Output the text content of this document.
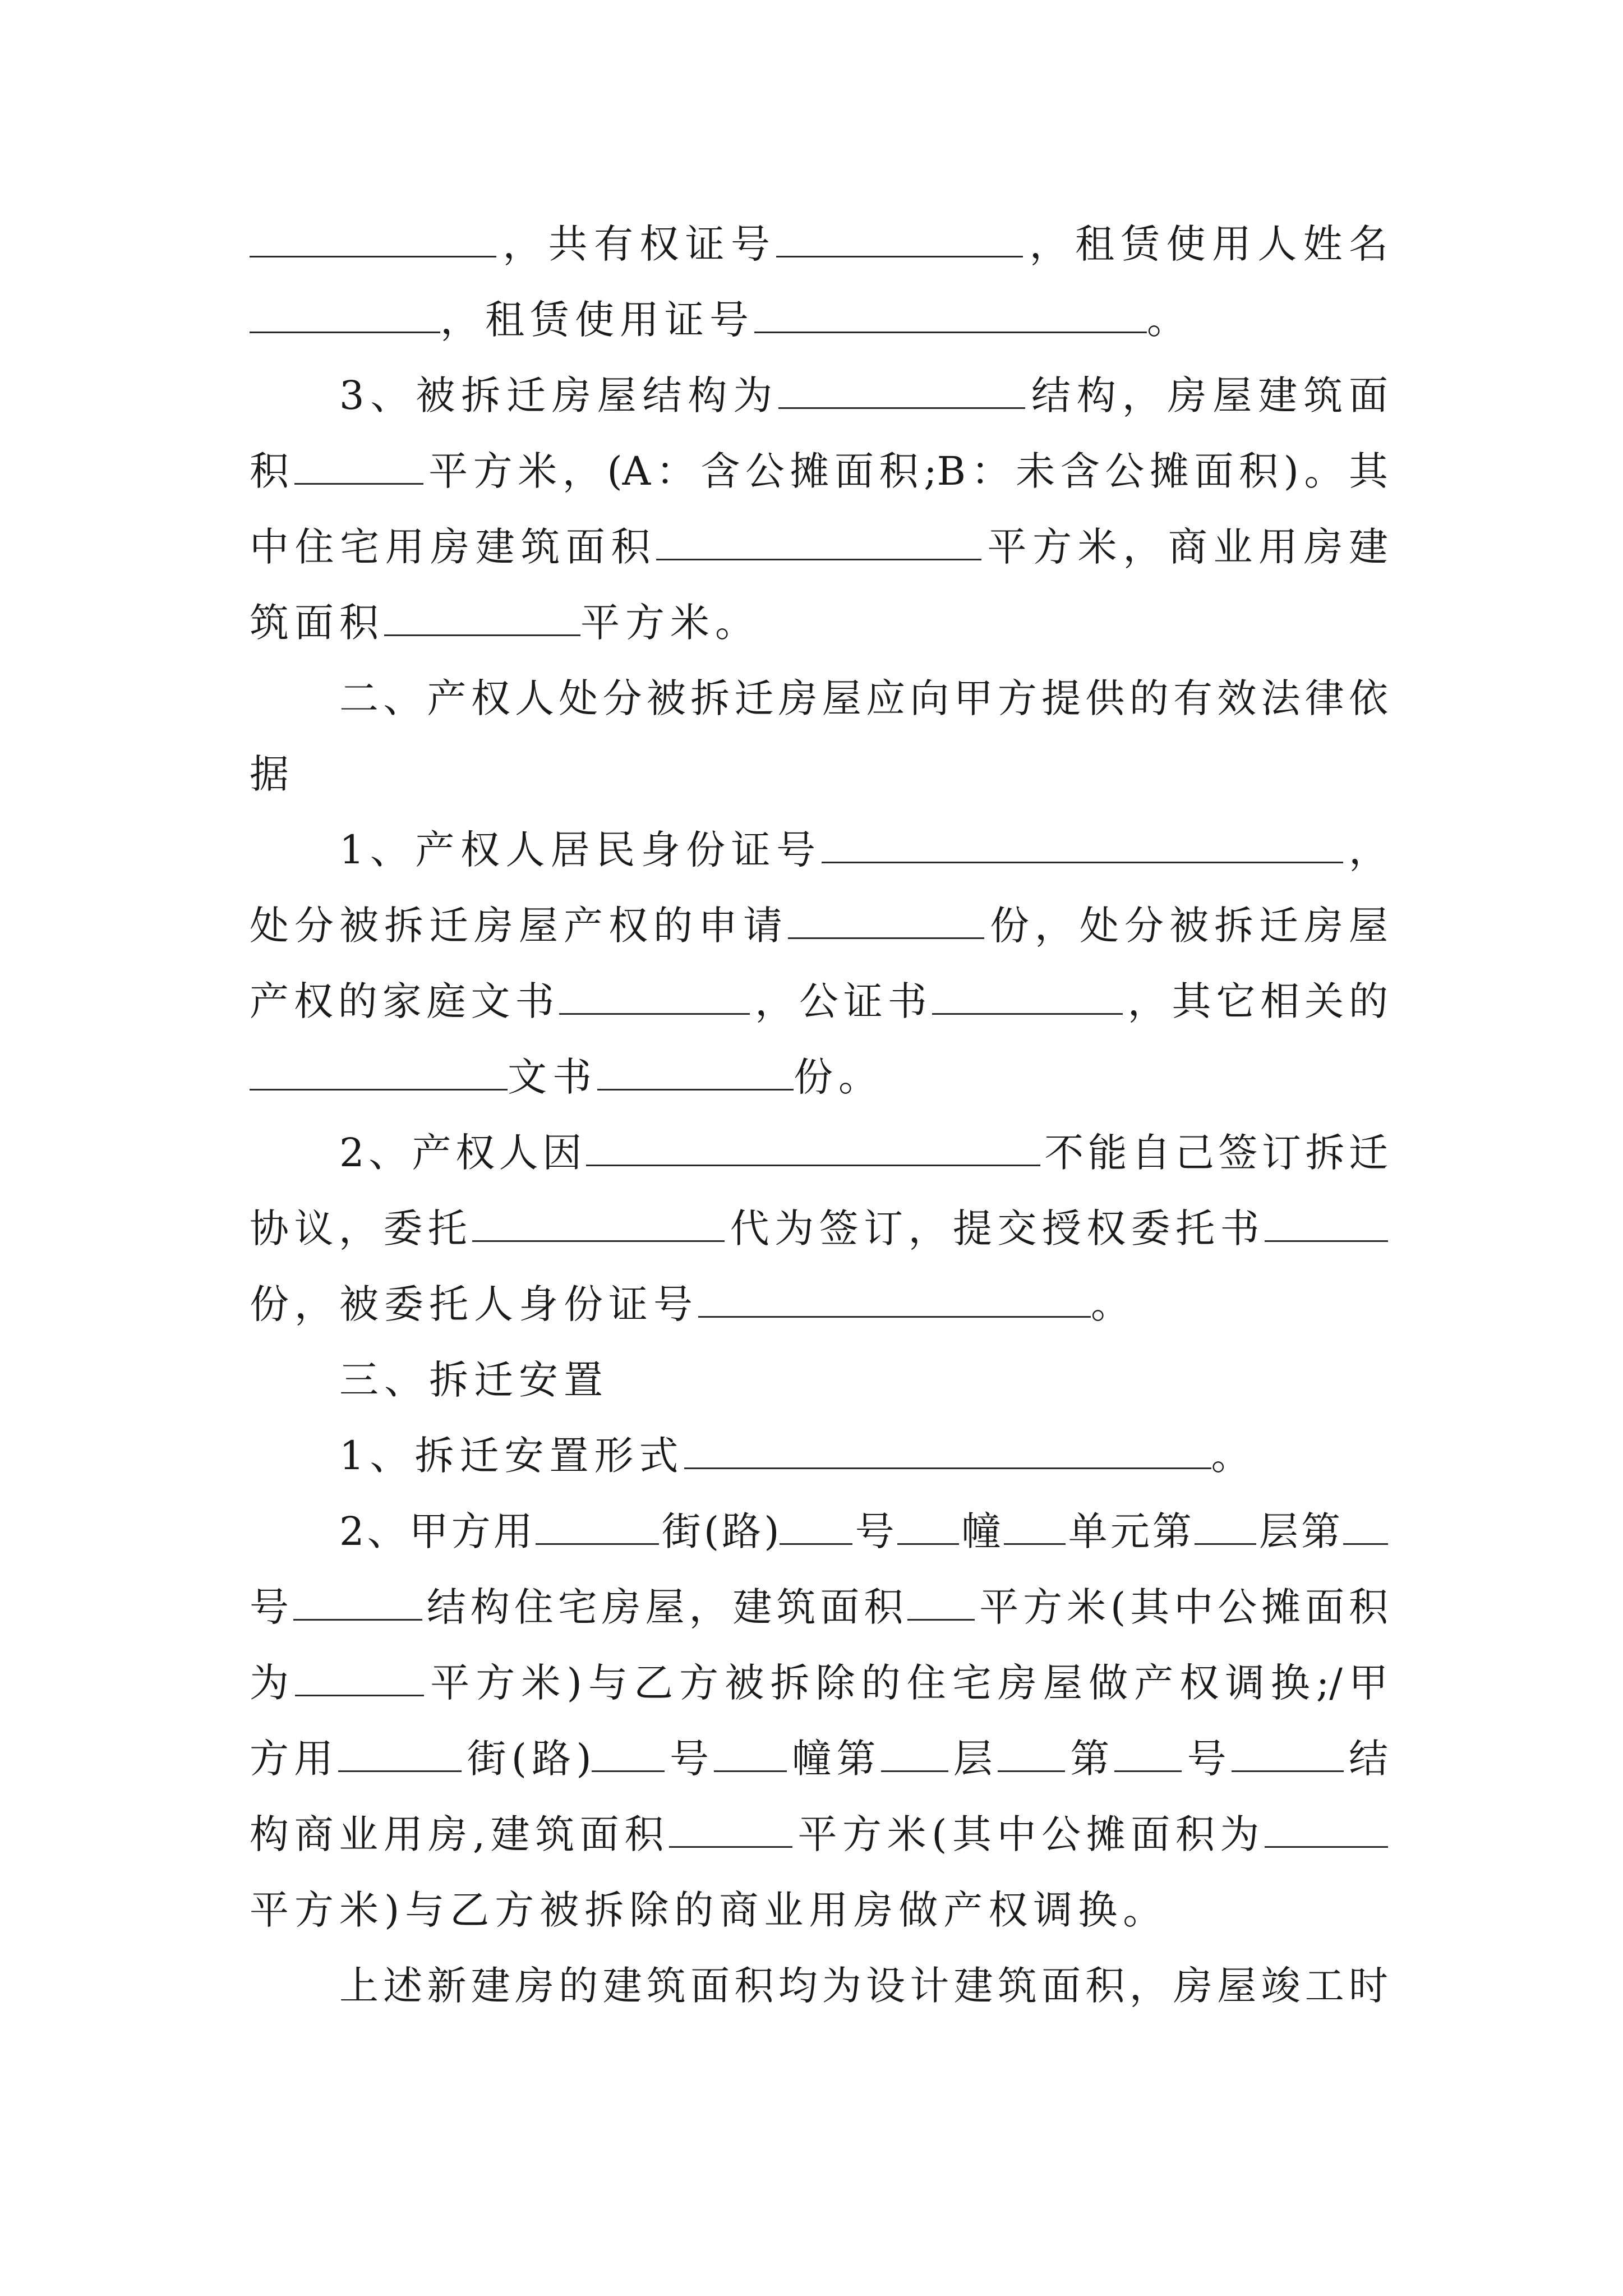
，共有权证号	，租赁使用人姓名
，租赁使用证号	。
3、被拆迁房屋结构为	结构，房屋建筑面
积	平方米，(A：含公摊面积;B：未含公摊面积)。其
中住宅用房建筑面积	平方米，商业用房建
筑面积	平方米。
二、产权人处分被拆迁房屋应向甲方提供的有效法律依
据
1、产权人居民身份证号	，
处分被拆迁房屋产权的申请	份，处分被拆迁房屋
产权的家庭文书	，公证书	，其它相关的
文书	份。
2、产权人因	不能自己签订拆迁
协议，委托	代为签订，提交授权委托书
份，被委托人身份证号	。
三、拆迁安置
1、拆迁安置形式	。
2、甲方用	街(路) 号 幢 单元第 层第
号	结构住宅房屋，建筑面积 平方米(其中公摊面积
为	平方米)与乙方被拆除的住宅房屋做产权调换;/甲
方用	街(路) 号 幢第 层 第 号	结
构商业用房,建筑面积	平方米(其中公摊面积为
平方米)与乙方被拆除的商业用房做产权调换。
上述新建房的建筑面积均为设计建筑面积，房屋竣工时
